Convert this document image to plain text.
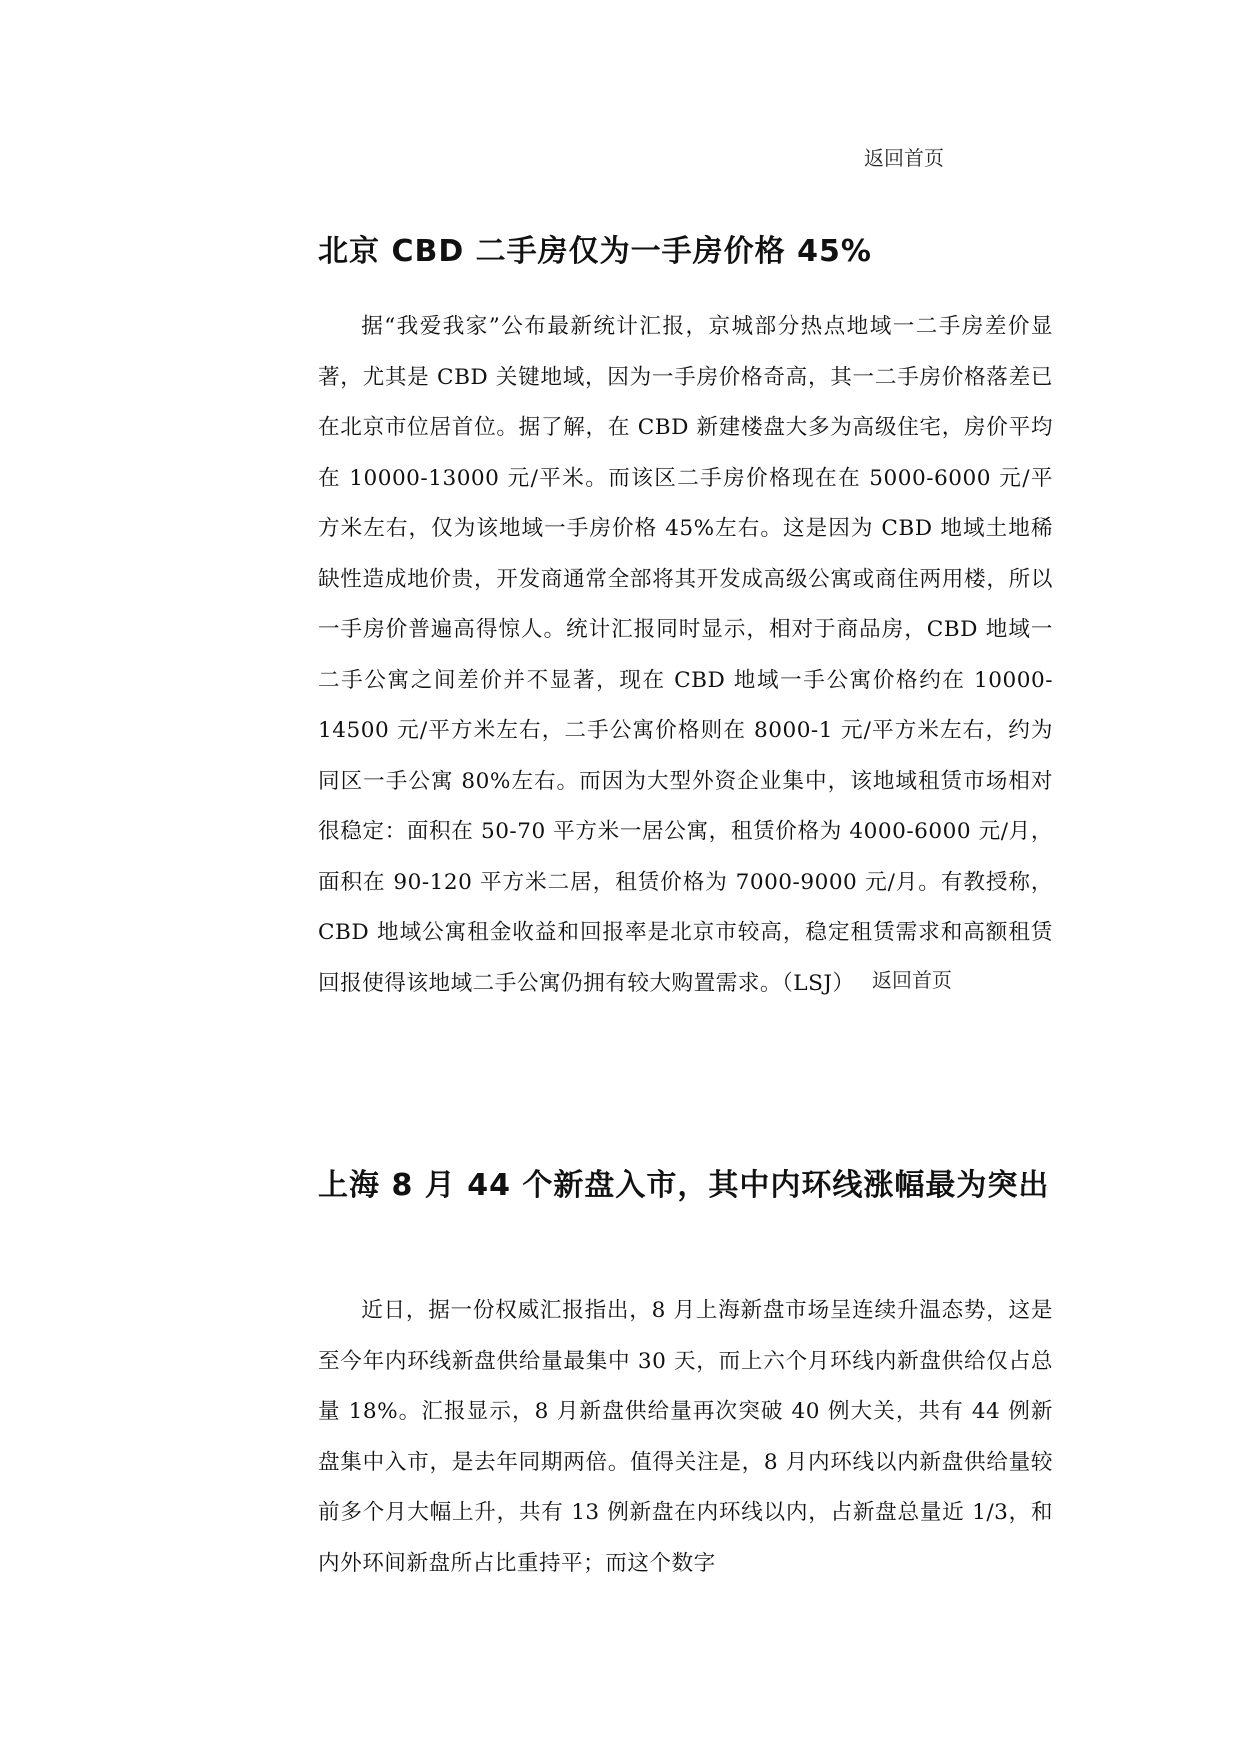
返回首页
北京 CBD 二手房仅为一手房价格 45%

据“我爱我家”公布最新统计汇报，京城部分热点地域一二手房差价显著，尤其是 CBD 关键地域，因为一手房价格奇高，其一二手房价格落差已在北京市位居首位。据了解，在 CBD 新建楼盘大多为高级住宅，房价平均在 10000-13000 元/平米。而该区二手房价格现在在 5000-6000 元/平方米左右，仅为该地域一手房价格 45%左右。这是因为 CBD 地域土地稀缺性造成地价贵，开发商通常全部将其开发成高级公寓或商住两用楼，所以一手房价普遍高得惊人。统计汇报同时显示，相对于商品房，CBD 地域一二手公寓之间差价并不显著，现在 CBD 地域一手公寓价格约在 10000-14500 元/平方米左右，二手公寓价格则在 8000-1 元/平方米左右，约为同区一手公寓 80%左右。而因为大型外资企业集中，该地域租赁市场相对很稳定：面积在 50-70 平方米一居公寓，租赁价格为 4000-6000 元/月，面积在 90-120 平方米二居，租赁价格为 7000-9000 元/月。有教授称，CBD 地域公寓租金收益和回报率是北京市较高，稳定租赁需求和高额租赁回报使得该地域二手公寓仍拥有较大购置需求。（LSJ）

上海 8 月 44 个新盘入市，其中内环线涨幅最为突出

近日，据一份权威汇报指出，8 月上海新盘市场呈连续升温态势，这是至今年内环线新盘供给量最集中 30 天，而上六个月环线内新盘供给仅占总量 18%。汇报显示，8 月新盘供给量再次突破 40 例大关，共有 44 例新盘集中入市，是去年同期两倍。值得关注是，8 月内环线以内新盘供给量较前多个月大幅上升，共有 13 例新盘在内环线以内，占新盘总量近 1/3，和内外环间新盘所占比重持平；而这个数字

返回首页
